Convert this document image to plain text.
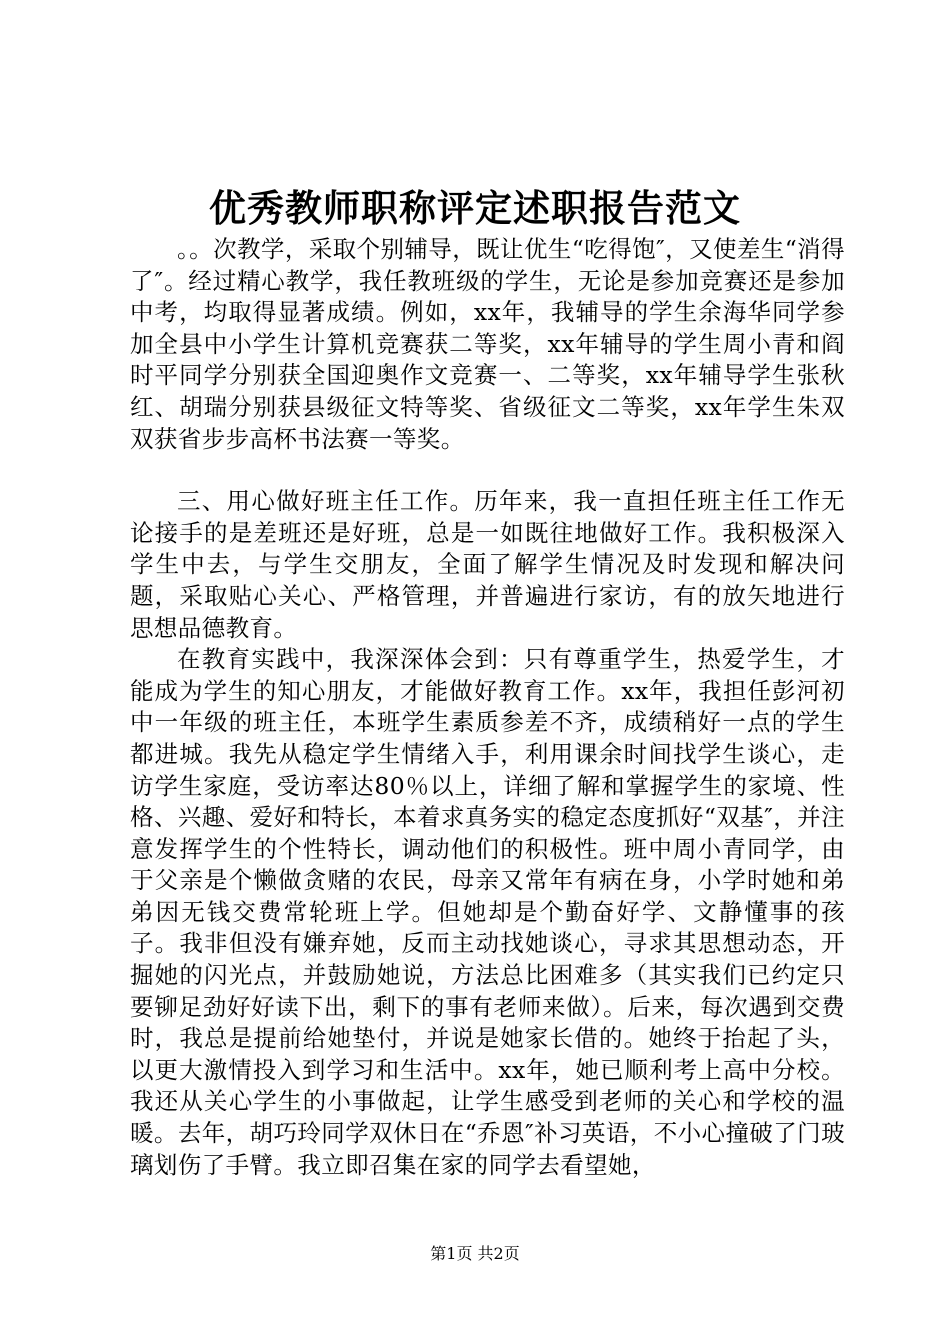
优秀教师职称评定述职报告范文

。。次教学，采取个别辅导，既让优生“吃得饱″，又使差生“消得了″。经过精心教学，我任教班级的学生，无论是参加竞赛还是参加中考，均取得显著成绩。例如，xx年，我辅导的学生余海华同学参加全县中小学生计算机竞赛获二等奖，xx年辅导的学生周小青和阎时平同学分别获全国迎奥作文竞赛一、二等奖，xx年辅导学生张秋红、胡瑞分别获县级征文特等奖、省级征文二等奖，xx年学生朱双双获省步步高杯书法赛一等奖。

三、用心做好班主任工作。历年来，我一直担任班主任工作无论接手的是差班还是好班，总是一如既往地做好工作。我积极深入学生中去，与学生交朋友，全面了解学生情况及时发现和解决问题，采取贴心关心、严格管理，并普遍进行家访，有的放矢地进行思想品德教育。

在教育实践中，我深深体会到：只有尊重学生，热爱学生，才能成为学生的知心朋友，才能做好教育工作。xx年，我担任彭河初中一年级的班主任，本班学生素质参差不齐，成绩稍好一点的学生都进城。我先从稳定学生情绪入手，利用课余时间找学生谈心，走访学生家庭，受访率达80％以上，详细了解和掌握学生的家境、性格、兴趣、爱好和特长，本着求真务实的稳定态度抓好“双基″，并注意发挥学生的个性特长，调动他们的积极性。班中周小青同学，由于父亲是个懒做贪赌的农民，母亲又常年有病在身，小学时她和弟弟因无钱交费常轮班上学。但她却是个勤奋好学、文静懂事的孩子。我非但没有嫌弃她，反而主动找她谈心，寻求其思想动态，开掘她的闪光点，并鼓励她说，方法总比困难多（其实我们已约定只要铆足劲好好读下出，剩下的事有老师来做）。后来，每次遇到交费时，我总是提前给她垫付，并说是她家长借的。她终于抬起了头，以更大激情投入到学习和生活中。xx年，她已顺利考上高中分校。我还从关心学生的小事做起，让学生感受到老师的关心和学校的温暖。去年，胡巧玲同学双休日在“乔恩″补习英语，不小心撞破了门玻璃划伤了手臂。我立即召集在家的同学去看望她，

第1页 共2页
